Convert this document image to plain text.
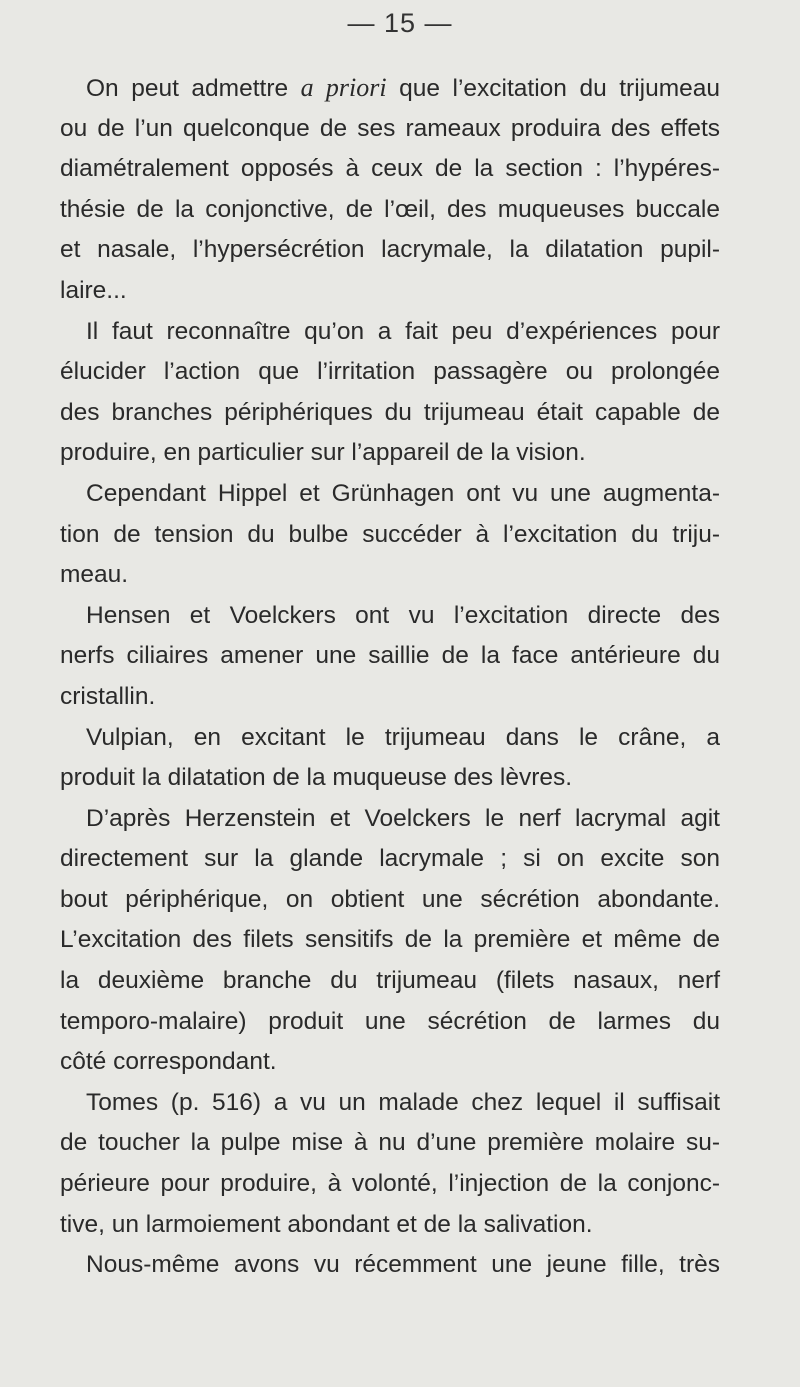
— 15 —
On peut admettre a priori que l’excitation du trijumeau
ou de l’un quelconque de ses rameaux produira des effets
diamétralement opposés à ceux de la section : l’hypéres-
thésie de la conjonctive, de l’œil, des muqueuses buccale
et nasale, l’hypersécrétion lacrymale, la dilatation pupil-
laire...
Il faut reconnaître qu’on a fait peu d’expériences pour
élucider l’action que l’irritation passagère ou prolongée
des branches périphériques du trijumeau était capable de
produire, en particulier sur l’appareil de la vision.
Cependant Hippel et Grünhagen ont vu une augmenta-
tion de tension du bulbe succéder à l’excitation du triju-
meau.
Hensen et Voelckers ont vu l’excitation directe des
nerfs ciliaires amener une saillie de la face antérieure du
cristallin.
Vulpian, en excitant le trijumeau dans le crâne, a
produit la dilatation de la muqueuse des lèvres.
D’après Herzenstein et Voelckers le nerf lacrymal agit
directement sur la glande lacrymale ; si on excite son
bout périphérique, on obtient une sécrétion abondante.
L’excitation des filets sensitifs de la première et même de
la deuxième branche du trijumeau (filets nasaux, nerf
temporo-malaire) produit une sécrétion de larmes du
côté correspondant.
Tomes (p. 516) a vu un malade chez lequel il suffisait
de toucher la pulpe mise à nu d’une première molaire su-
périeure pour produire, à volonté, l’injection de la conjonc-
tive, un larmoiement abondant et de la salivation.
Nous-même avons vu récemment une jeune fille, très
